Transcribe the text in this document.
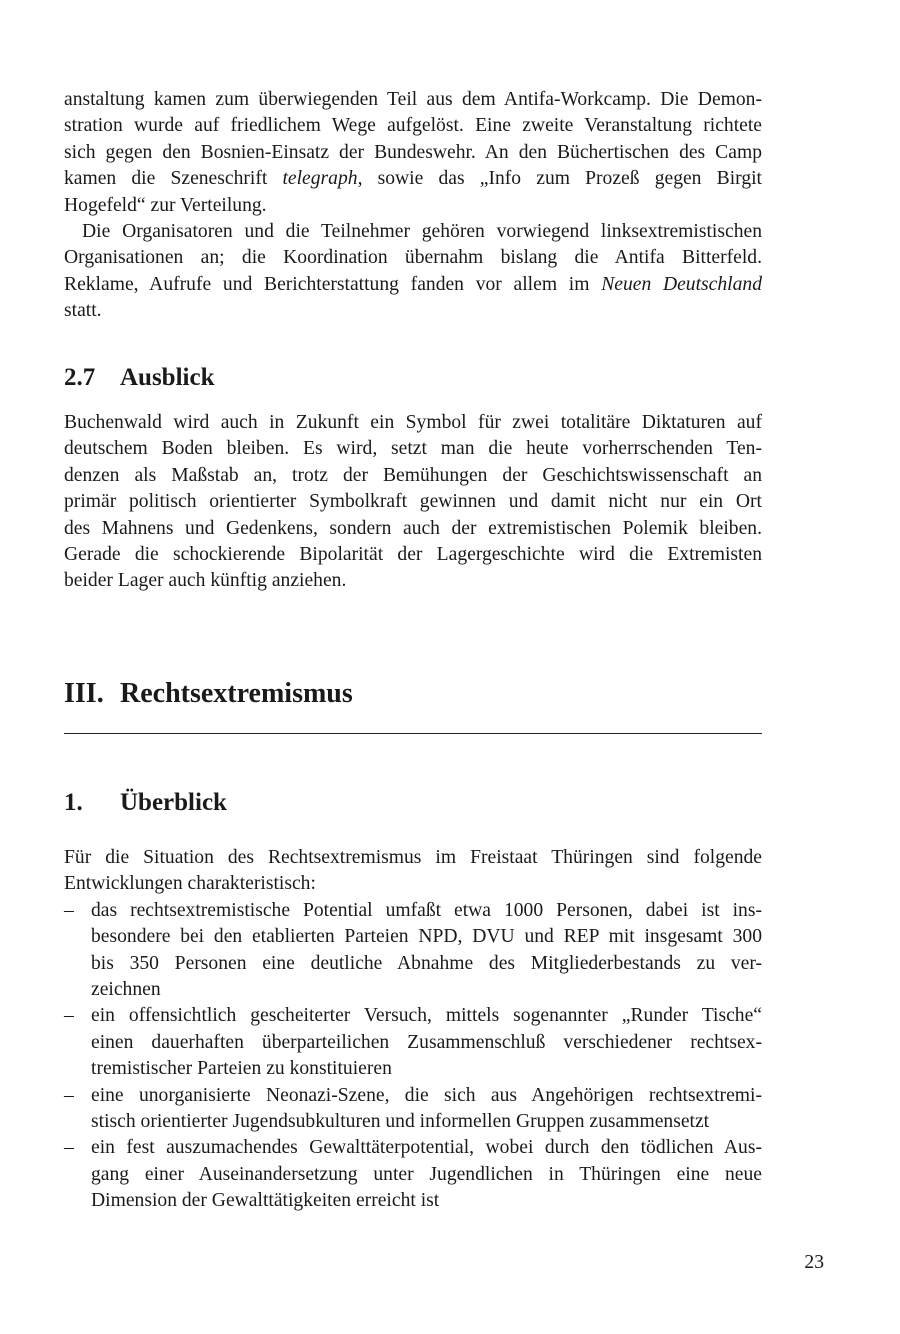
anstaltung kamen zum überwiegenden Teil aus dem Antifa-Workcamp. Die Demon-
stration wurde auf friedlichem Wege aufgelöst. Eine zweite Veranstaltung richtete
sich gegen den Bosnien-Einsatz der Bundeswehr. An den Büchertischen des Camp
kamen die Szeneschrift telegraph, sowie das „Info zum Prozeß gegen Birgit
Hogefeld“ zur Verteilung.
Die Organisatoren und die Teilnehmer gehören vorwiegend linksextremistischen
Organisationen an; die Koordination übernahm bislang die Antifa Bitterfeld.
Reklame, Aufrufe und Berichterstattung fanden vor allem im Neuen Deutschland
statt.
2.7 Ausblick
Buchenwald wird auch in Zukunft ein Symbol für zwei totalitäre Diktaturen auf
deutschem Boden bleiben. Es wird, setzt man die heute vorherrschenden Ten-
denzen als Maßstab an, trotz der Bemühungen der Geschichtswissenschaft an
primär politisch orientierter Symbolkraft gewinnen und damit nicht nur ein Ort
des Mahnens und Gedenkens, sondern auch der extremistischen Polemik bleiben.
Gerade die schockierende Bipolarität der Lagergeschichte wird die Extremisten
beider Lager auch künftig anziehen.
III. Rechtsextremismus
1. Überblick
Für die Situation des Rechtsextremismus im Freistaat Thüringen sind folgende
Entwicklungen charakteristisch:
– das rechtsextremistische Potential umfaßt etwa 1000 Personen, dabei ist ins-
besondere bei den etablierten Parteien NPD, DVU und REP mit insgesamt 300
bis 350 Personen eine deutliche Abnahme des Mitgliederbestands zu ver-
zeichnen
– ein offensichtlich gescheiterter Versuch, mittels sogenannter „Runder Tische“
einen dauerhaften überparteilichen Zusammenschluß verschiedener rechtsex-
tremistischer Parteien zu konstituieren
– eine unorganisierte Neonazi-Szene, die sich aus Angehörigen rechtsextremi-
stisch orientierter Jugendsubkulturen und informellen Gruppen zusammensetzt
– ein fest auszumachendes Gewalttäterpotential, wobei durch den tödlichen Aus-
gang einer Auseinandersetzung unter Jugendlichen in Thüringen eine neue
Dimension der Gewalttätigkeiten erreicht ist
23
